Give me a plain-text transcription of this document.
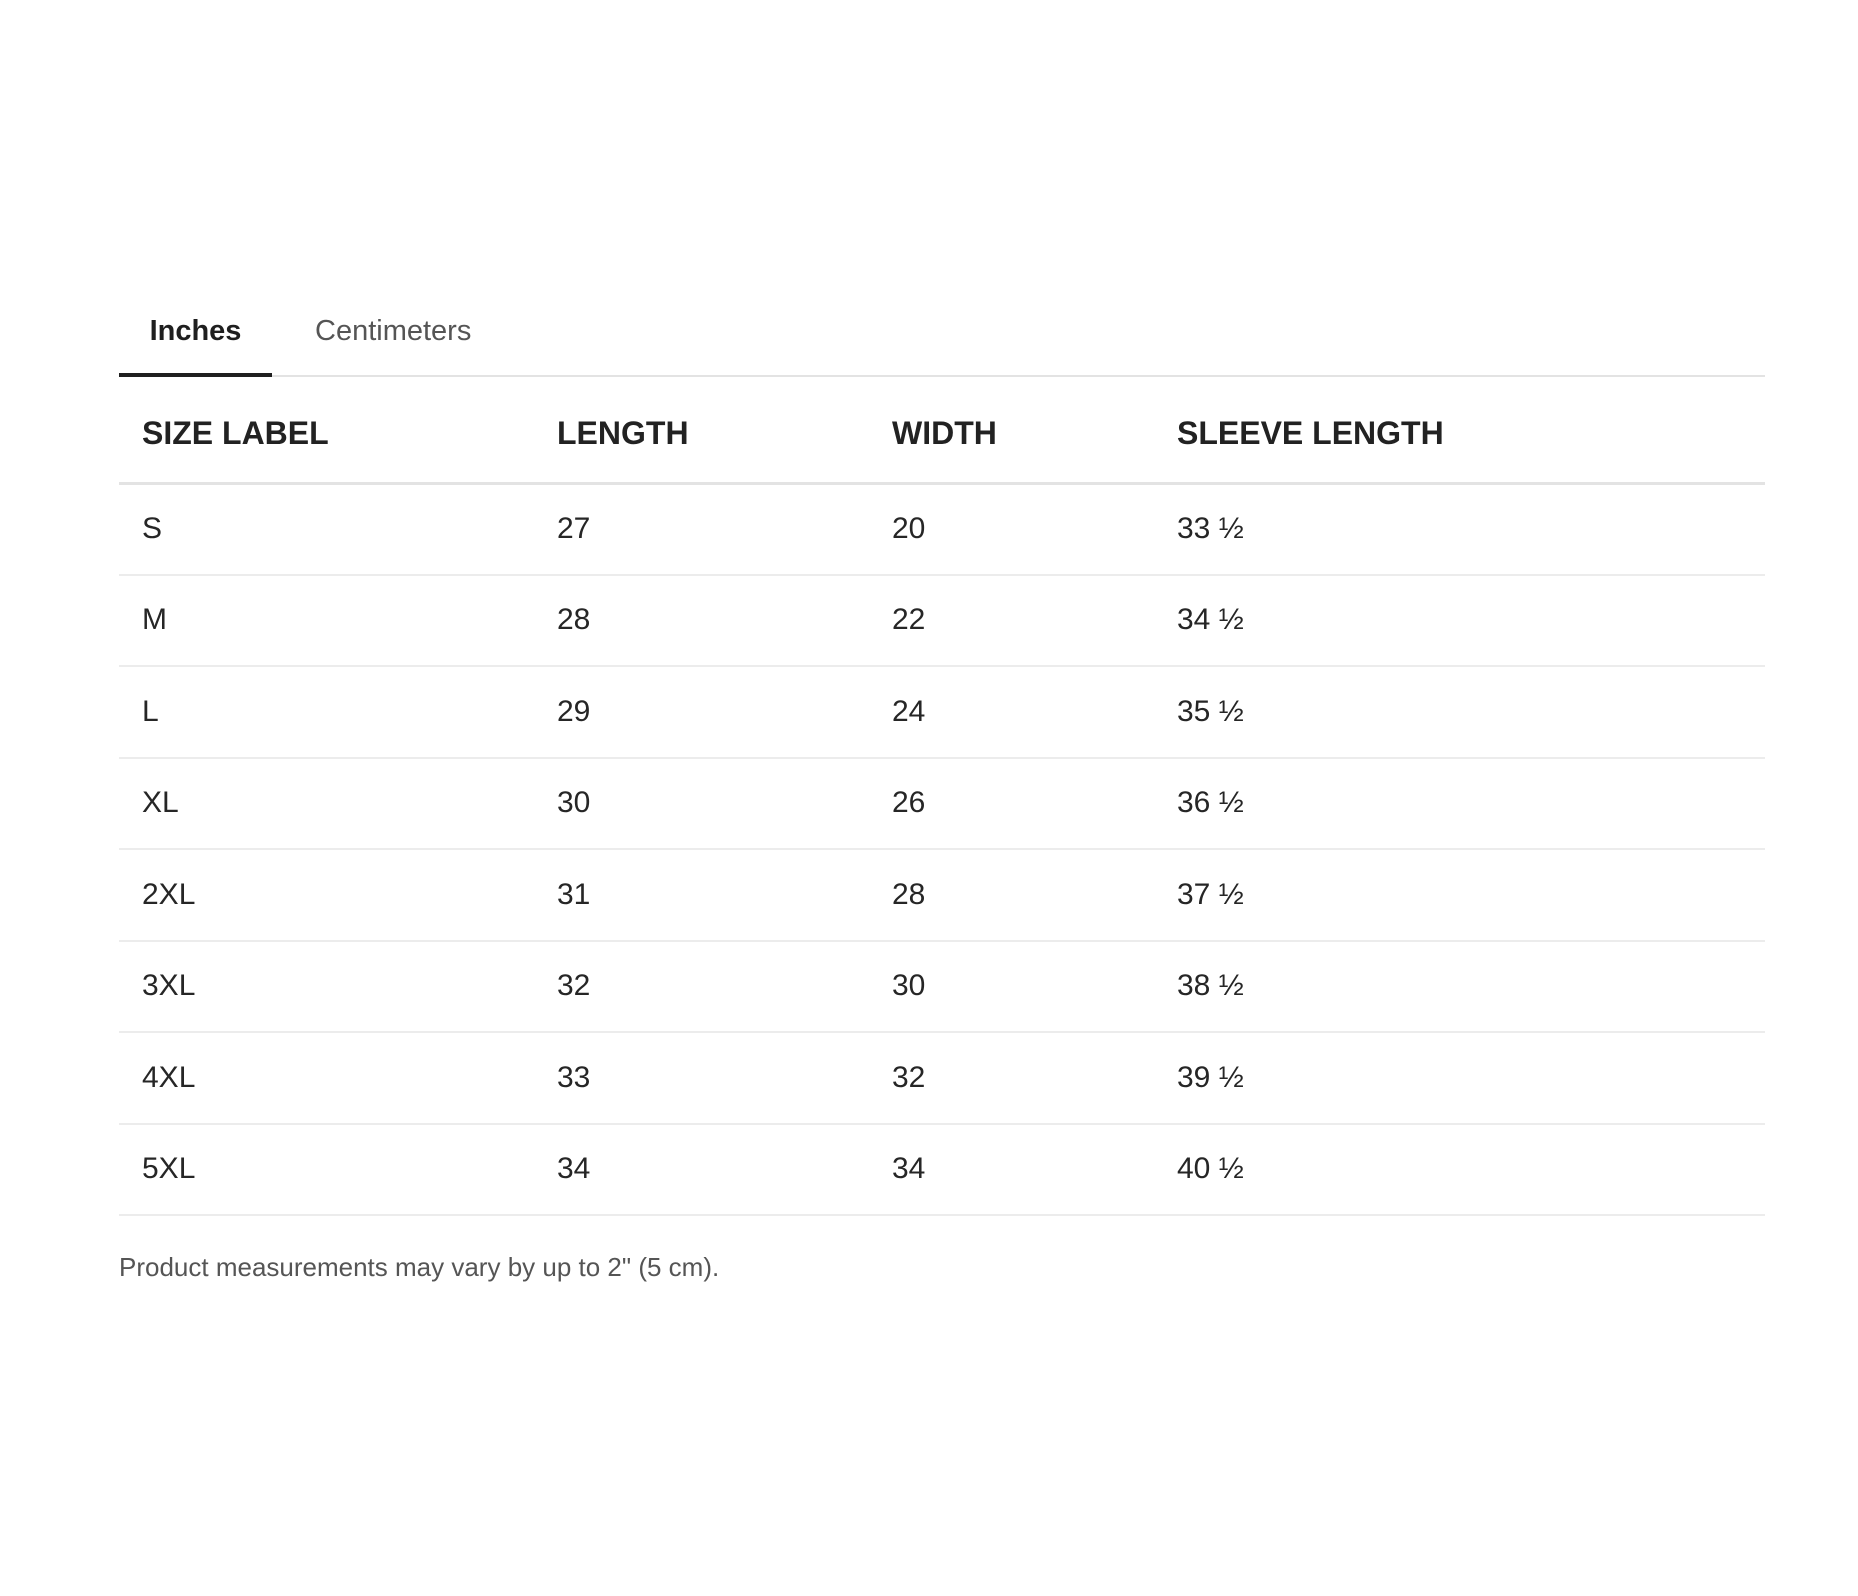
Inches	Centimeters
SIZE LABEL	LENGTH	WIDTH	SLEEVE LENGTH
S	27	20	33 ½
M	28	22	34 ½
L	29	24	35 ½
XL	30	26	36 ½
2XL	31	28	37 ½
3XL	32	30	38 ½
4XL	33	32	39 ½
5XL	34	34	40 ½

Product measurements may vary by up to 2" (5 cm).
